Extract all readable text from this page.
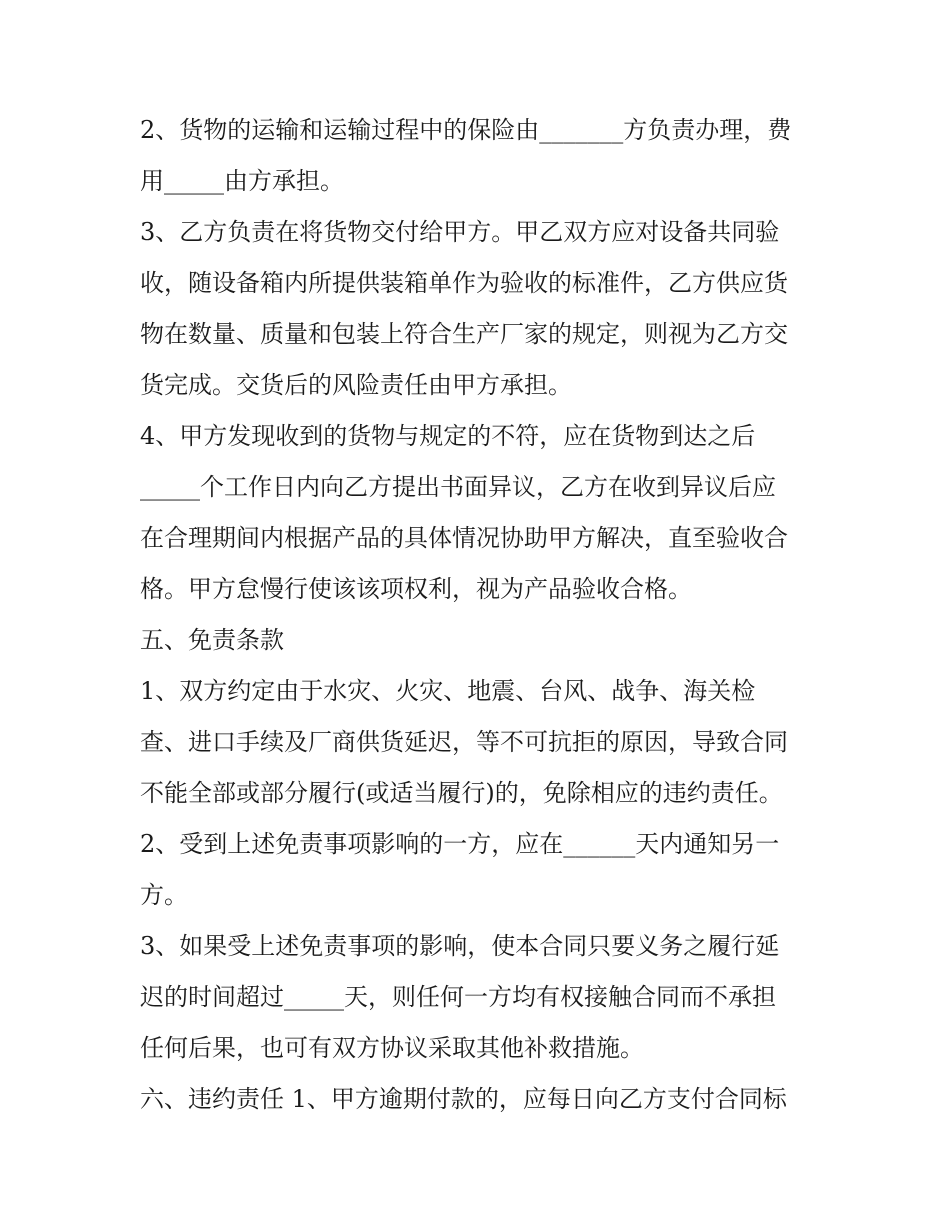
2、货物的运输和运输过程中的保险由_______方负责办理，费
用_____由方承担。
3、乙方负责在将货物交付给甲方。甲乙双方应对设备共同验
收，随设备箱内所提供装箱单作为验收的标准件，乙方供应货
物在数量、质量和包装上符合生产厂家的规定，则视为乙方交
货完成。交货后的风险责任由甲方承担。
4、甲方发现收到的货物与规定的不符，应在货物到达之后
_____个工作日内向乙方提出书面异议，乙方在收到异议后应
在合理期间内根据产品的具体情况协助甲方解决，直至验收合
格。甲方怠慢行使该该项权利，视为产品验收合格。
五、免责条款
1、双方约定由于水灾、火灾、地震、台风、战争、海关检
查、进口手续及厂商供货延迟，等不可抗拒的原因，导致合同
不能全部或部分履行(或适当履行)的，免除相应的违约责任。
2、受到上述免责事项影响的一方，应在______天内通知另一
方。
3、如果受上述免责事项的影响，使本合同只要义务之履行延
迟的时间超过_____天，则任何一方均有权接触合同而不承担
任何后果，也可有双方协议采取其他补救措施。
六、违约责任 1、甲方逾期付款的，应每日向乙方支付合同标
